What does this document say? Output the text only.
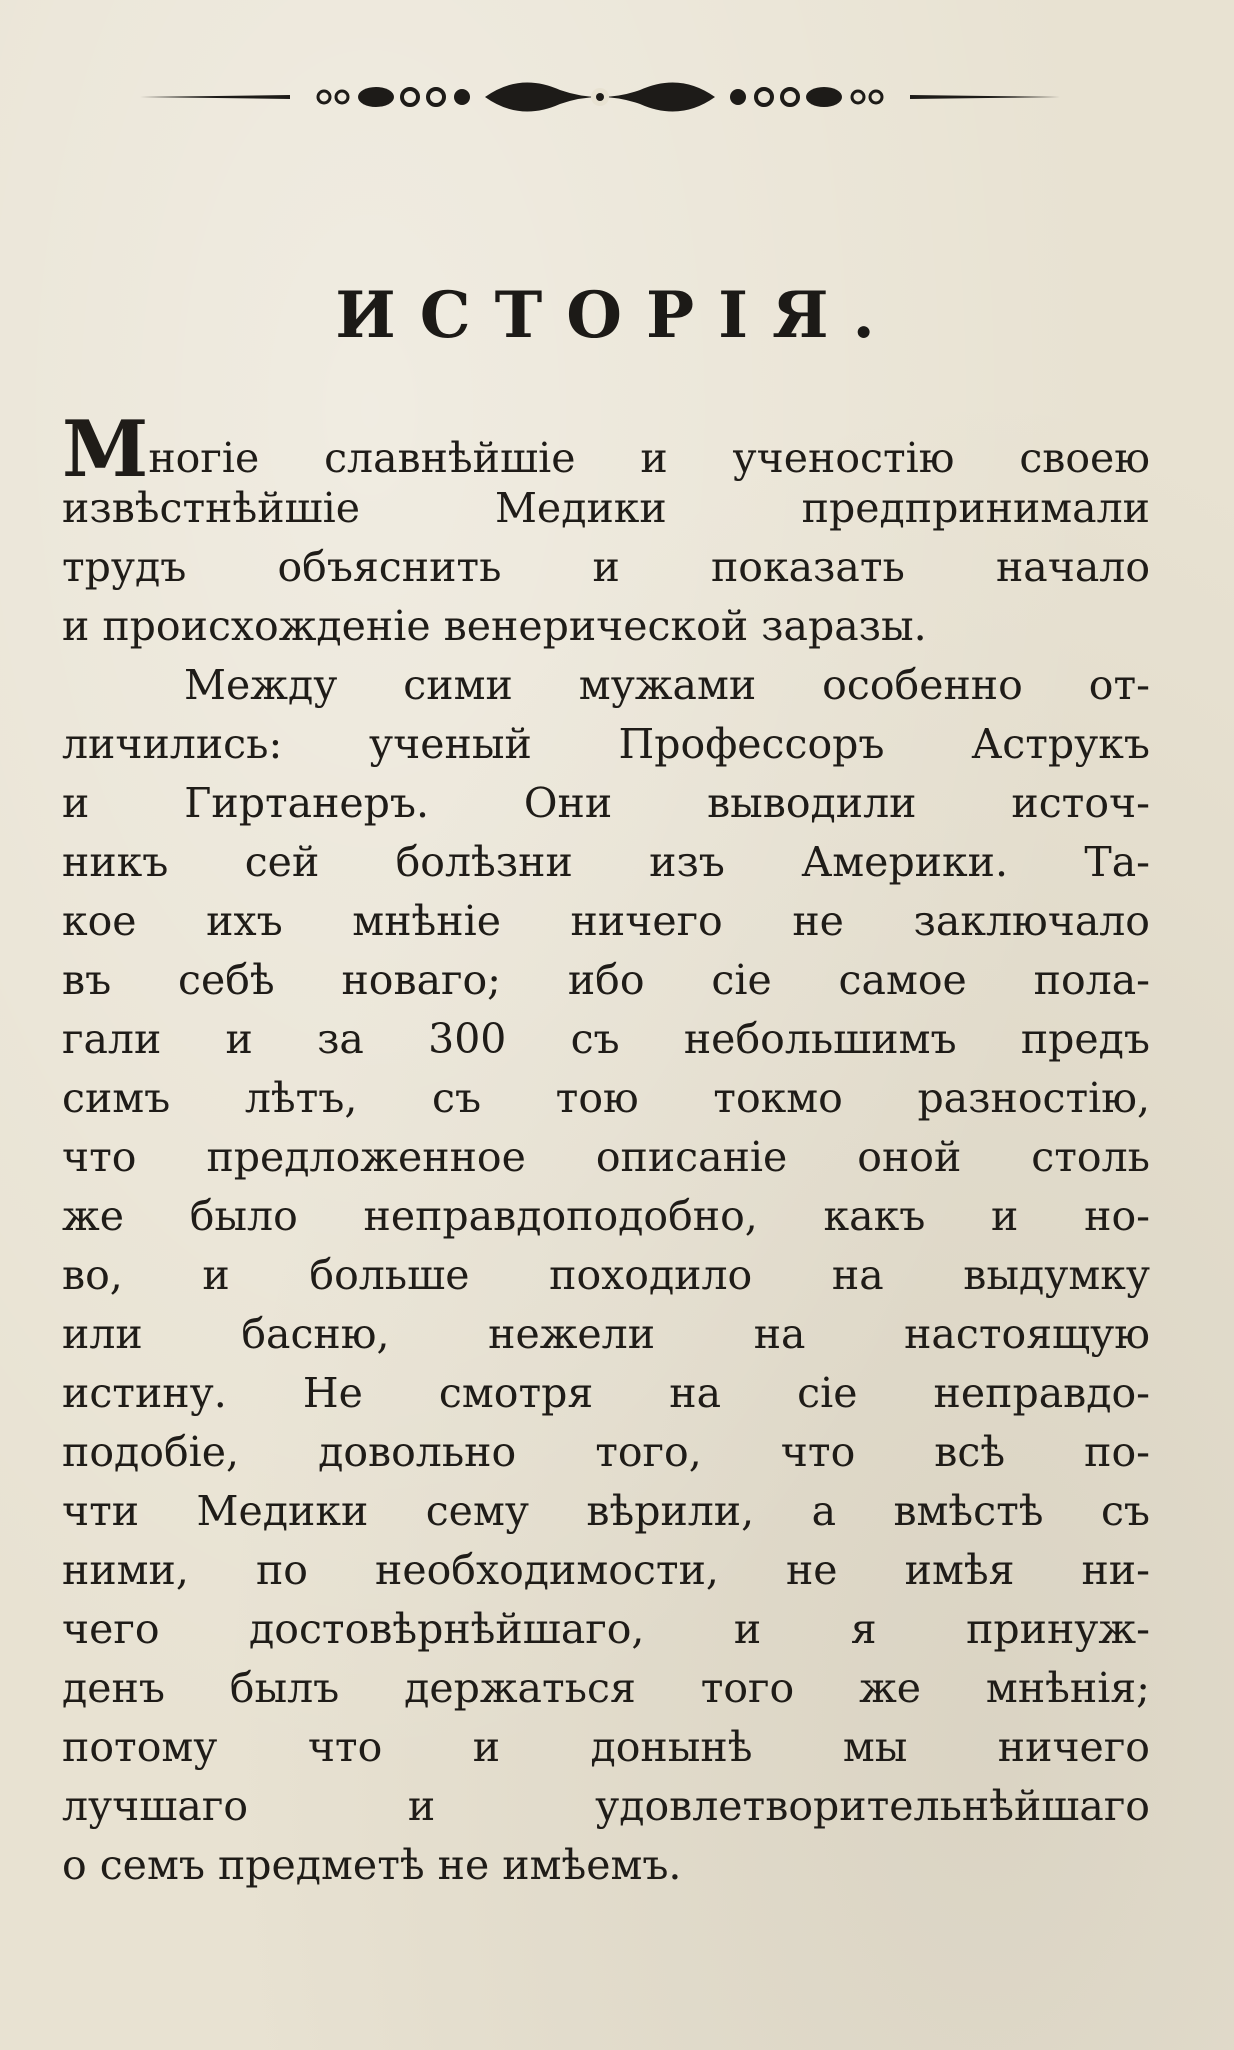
ИСТОРІЯ.
Многіе славнѣйшіе и ученостію своею
извѣстнѣйшіе Медики предпринимали
трудъ объяснить и показать начало
и происхожденіе венерической заразы.
Между сими мужами особенно от-
личились: ученый Профессоръ Аструкъ
и Гиртанеръ. Они выводили источ-
никъ сей болѣзни изъ Америки. Та-
кое ихъ мнѣніе ничего не заключало
въ себѣ новаго; ибо сіе самое пола-
гали и за 300 съ небольшимъ предъ
симъ лѣтъ, съ тою токмо разностію,
что предложенное описаніе оной столь
же было неправдоподобно, какъ и но-
во, и больше походило на выдумку
или басню, нежели на настоящую
истину. Не смотря на сіе неправдо-
подобіе, довольно того, что всѣ по-
чти Медики сему вѣрили, а вмѣстѣ съ
ними, по необходимости, не имѣя ни-
чего достовѣрнѣйшаго, и я принуж-
денъ былъ держаться того же мнѣнія;
потому что и донынѣ мы ничего
лучшаго и удовлетворительнѣйшаго
о семъ предметѣ не имѣемъ.
